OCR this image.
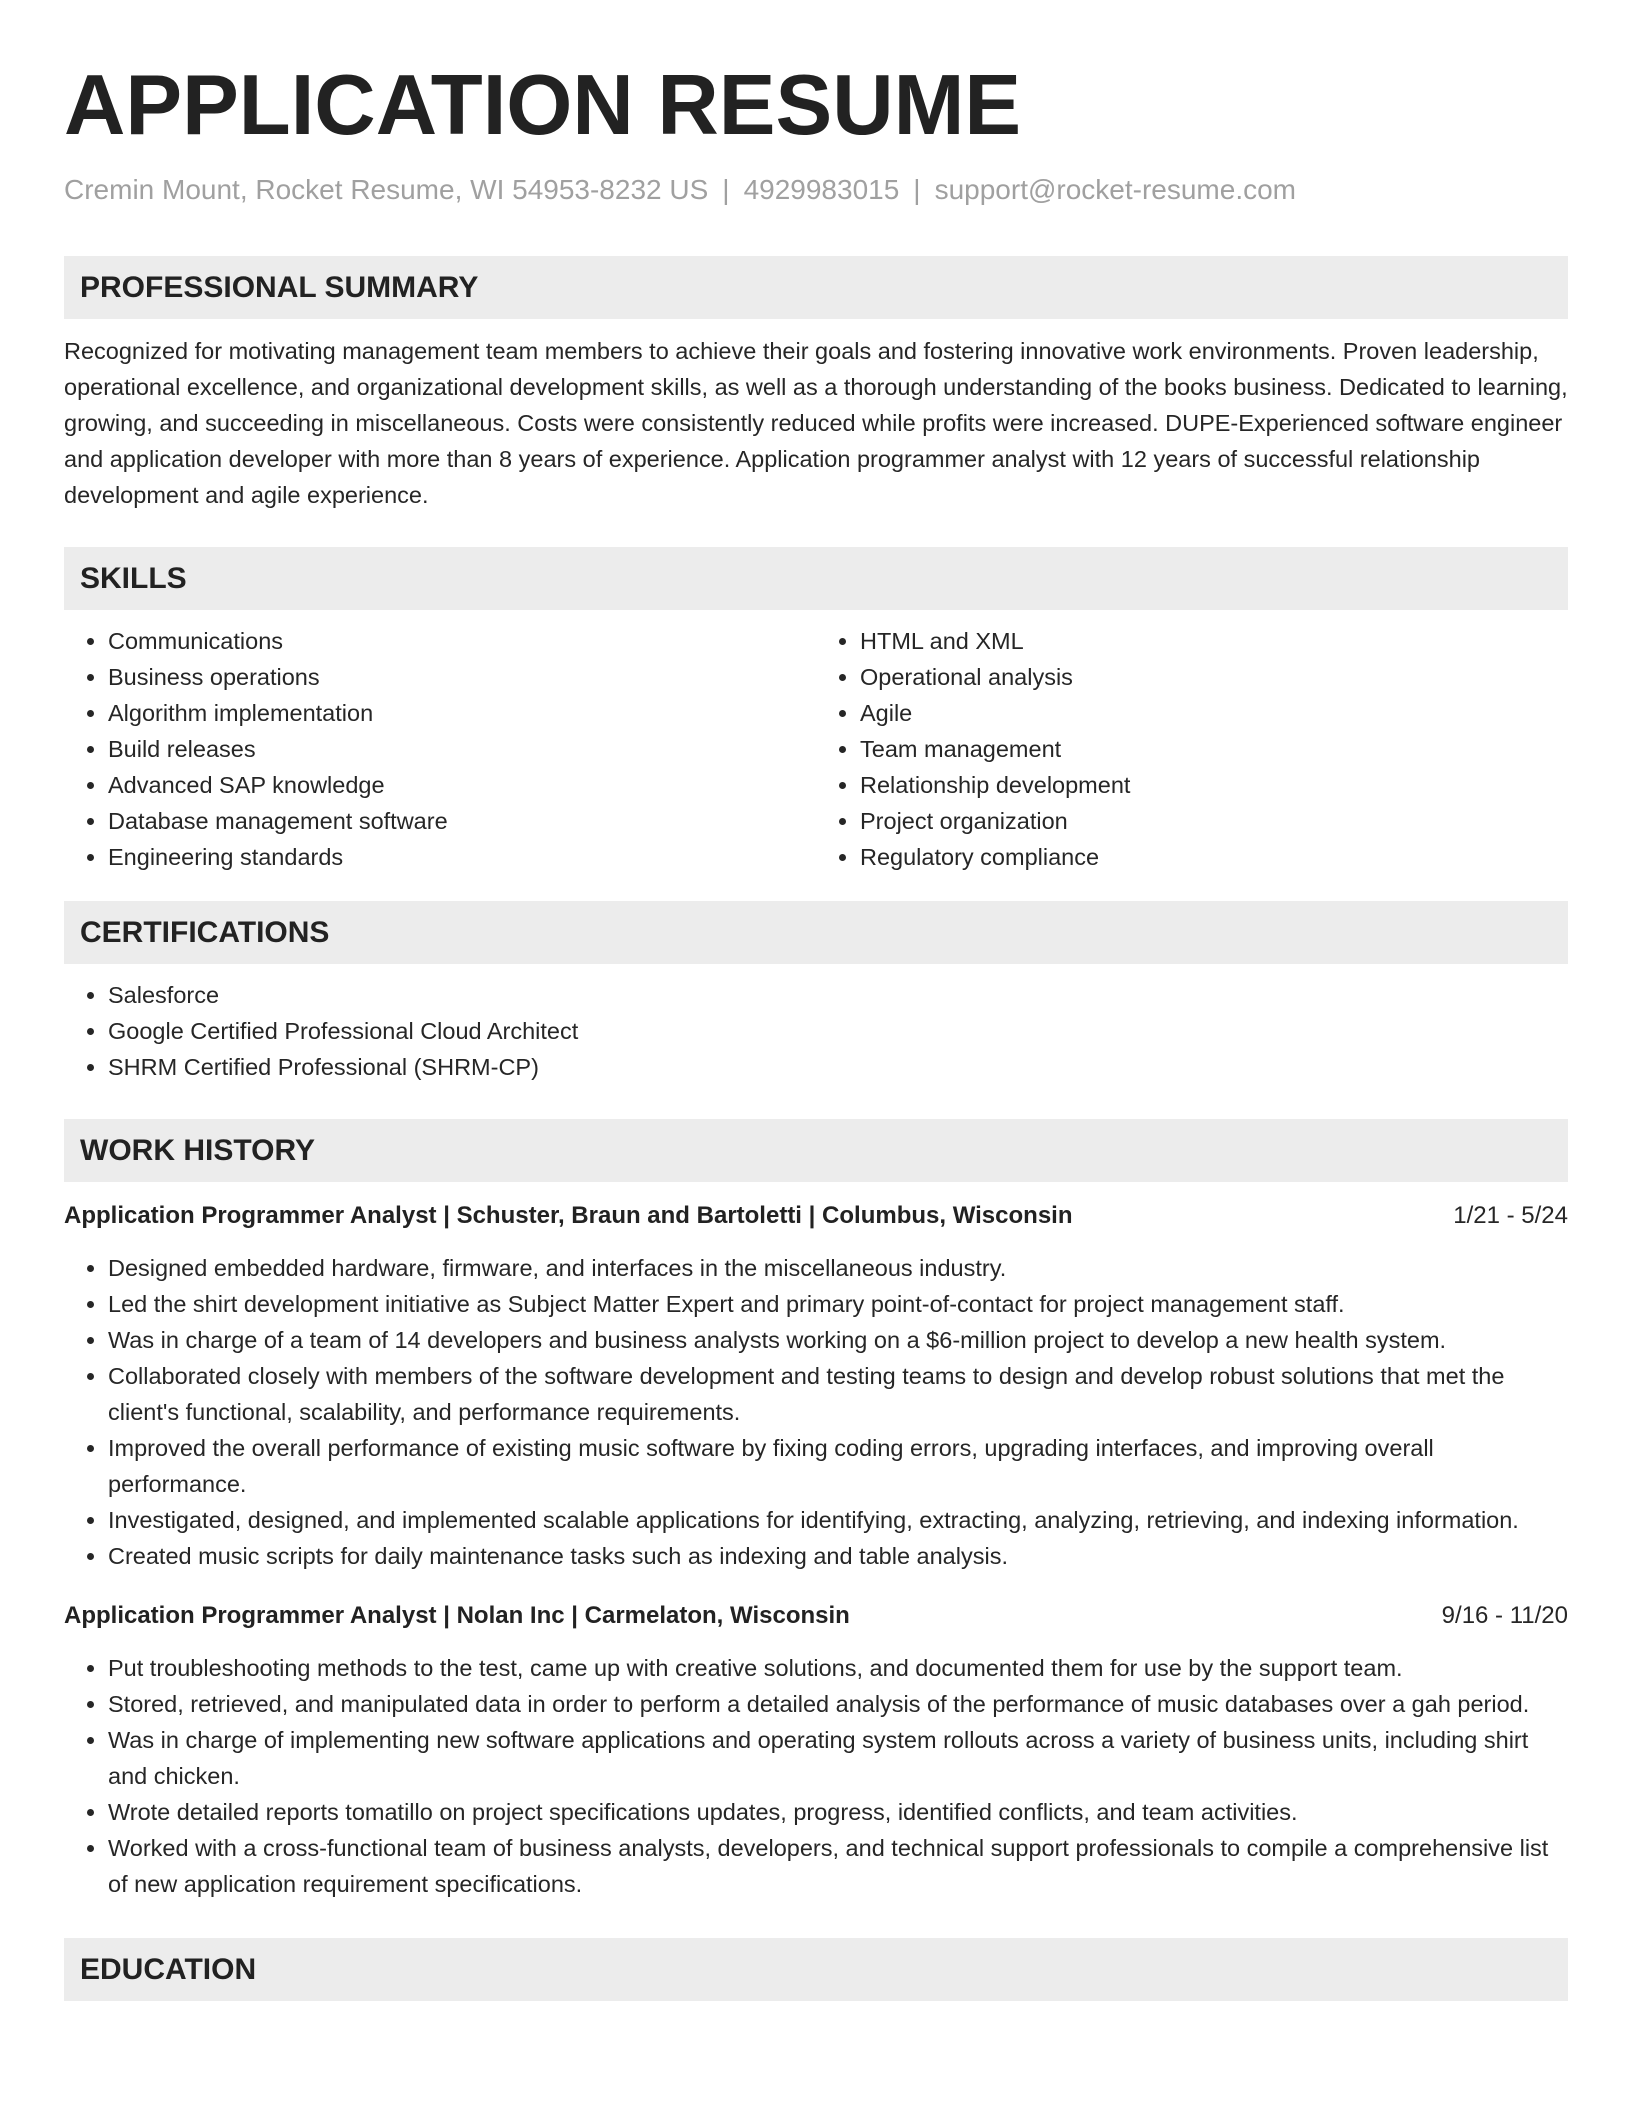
APPLICATION RESUME
Cremin Mount, Rocket Resume, WI 54953-8232 US | 4929983015 | support@rocket-resume.com
PROFESSIONAL SUMMARY

Recognized for motivating management team members to achieve their goals and fostering innovative work environments. Proven leadership, operational excellence, and organizational development skills, as well as a thorough understanding of the books business. Dedicated to learning, growing, and succeeding in miscellaneous. Costs were consistently reduced while profits were increased. DUPE-Experienced software engineer and application developer with more than 8 years of experience. Application programmer analyst with 12 years of successful relationship development and agile experience.

SKILLS
• Communications
• Business operations
• Algorithm implementation
• Build releases
• Advanced SAP knowledge
• Database management software
• Engineering standards
• HTML and XML
• Operational analysis
• Agile
• Team management
• Relationship development
• Project organization
• Regulatory compliance
CERTIFICATIONS
• Salesforce
• Google Certified Professional Cloud Architect
• SHRM Certified Professional (SHRM-CP)
WORK HISTORY
Application Programmer Analyst | Schuster, Braun and Bartoletti | Columbus, Wisconsin	1/21 - 5/24
• Designed embedded hardware, firmware, and interfaces in the miscellaneous industry.
• Led the shirt development initiative as Subject Matter Expert and primary point-of-contact for project management staff.
• Was in charge of a team of 14 developers and business analysts working on a $6-million project to develop a new health system.
• Collaborated closely with members of the software development and testing teams to design and develop robust solutions that met the client's functional, scalability, and performance requirements.
• Improved the overall performance of existing music software by fixing coding errors, upgrading interfaces, and improving overall performance.
• Investigated, designed, and implemented scalable applications for identifying, extracting, analyzing, retrieving, and indexing information.
• Created music scripts for daily maintenance tasks such as indexing and table analysis.
Application Programmer Analyst | Nolan Inc | Carmelaton, Wisconsin	9/16 - 11/20
• Put troubleshooting methods to the test, came up with creative solutions, and documented them for use by the support team.
• Stored, retrieved, and manipulated data in order to perform a detailed analysis of the performance of music databases over a gah period.
• Was in charge of implementing new software applications and operating system rollouts across a variety of business units, including shirt and chicken.
• Wrote detailed reports tomatillo on project specifications updates, progress, identified conflicts, and team activities.
• Worked with a cross-functional team of business analysts, developers, and technical support professionals to compile a comprehensive list of new application requirement specifications.
EDUCATION
